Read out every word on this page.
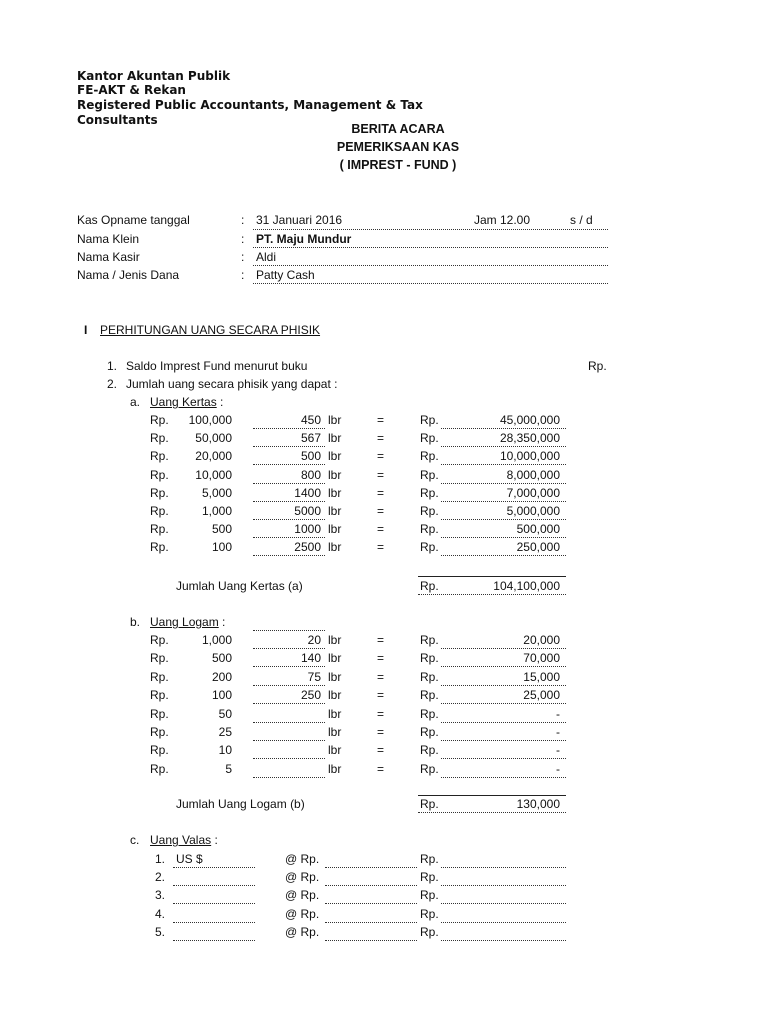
Kantor Akuntan Publik
FE-AKT & Rekan
Registered Public Accountants, Management & Tax
Consultants
BERITA ACARA
PEMERIKSAAN KAS
( IMPREST - FUND )
Kas Opname tanggal	: 31 Januari 2016	Jam 12.00	s / d
Nama Klein	: PT. Maju Mundur
Nama Kasir	: Aldi
Nama / Jenis Dana	: Patty Cash
I PERHITUNGAN UANG SECARA PHISIK
1. Saldo Imprest Fund menurut buku	Rp.
2. Jumlah uang secara phisik yang dapat :
a. Uang Kertas :
Rp.	100,000	450 lbr	=	Rp.	45,000,000
Rp.	50,000	567 lbr	=	Rp.	28,350,000
Rp.	20,000	500 lbr	=	Rp.	10,000,000
Rp.	10,000	800 lbr	=	Rp.	8,000,000
Rp.	5,000	1400 lbr	=	Rp.	7,000,000
Rp.	1,000	5000 lbr	=	Rp.	5,000,000
Rp.	500	1000 lbr	=	Rp.	500,000
Rp.	100	2500 lbr	=	Rp.	250,000
Jumlah Uang Kertas (a)	Rp.	104,100,000
b. Uang Logam :
Rp.	1,000	20 lbr	=	Rp.	20,000
Rp.	500	140 lbr	=	Rp.	70,000
Rp.	200	75 lbr	=	Rp.	15,000
Rp.	100	250 lbr	=	Rp.	25,000
Rp.	50	lbr	=	Rp.	-
Rp.	25	lbr	=	Rp.	-
Rp.	10	lbr	=	Rp.	-
Rp.	5	lbr	=	Rp.	-
Jumlah Uang Logam (b)	Rp.	130,000
c. Uang Valas :
1. US $	@ Rp.	Rp.
2.	@ Rp.	Rp.
3.	@ Rp.	Rp.
4.	@ Rp.	Rp.
5.	@ Rp.	Rp.
